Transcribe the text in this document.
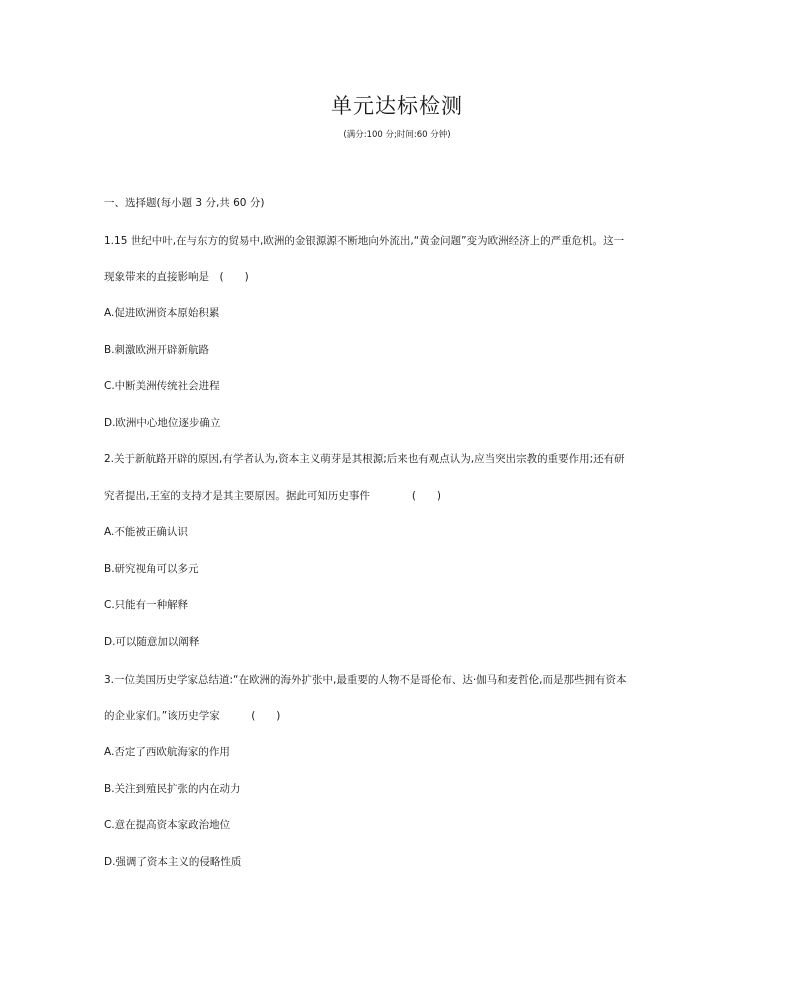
单元达标检测

(满分:100 分;时间:60 分钟)

一、选择题(每小题 3 分,共 60 分)

1.15 世纪中叶,在与东方的贸易中,欧洲的金银源源不断地向外流出,“黄金问题”变为欧洲经济上的严重危机。这一

现象带来的直接影响是　(　　)

A.促进欧洲资本原始积累

B.刺激欧洲开辟新航路

C.中断美洲传统社会进程

D.欧洲中心地位逐步确立

2.关于新航路开辟的原因,有学者认为,资本主义萌芽是其根源;后来也有观点认为,应当突出宗教的重要作用;还有研

究者提出,王室的支持才是其主要原因。据此可知历史事件　　　　(　　)

A.不能被正确认识

B.研究视角可以多元

C.只能有一种解释

D.可以随意加以阐释

3.一位美国历史学家总结道:“在欧洲的海外扩张中,最重要的人物不是哥伦布、达·伽马和麦哲伦,而是那些拥有资本

的企业家们。”该历史学家　　　(　　)

A.否定了西欧航海家的作用

B.关注到殖民扩张的内在动力

C.意在提高资本家政治地位

D.强调了资本主义的侵略性质
